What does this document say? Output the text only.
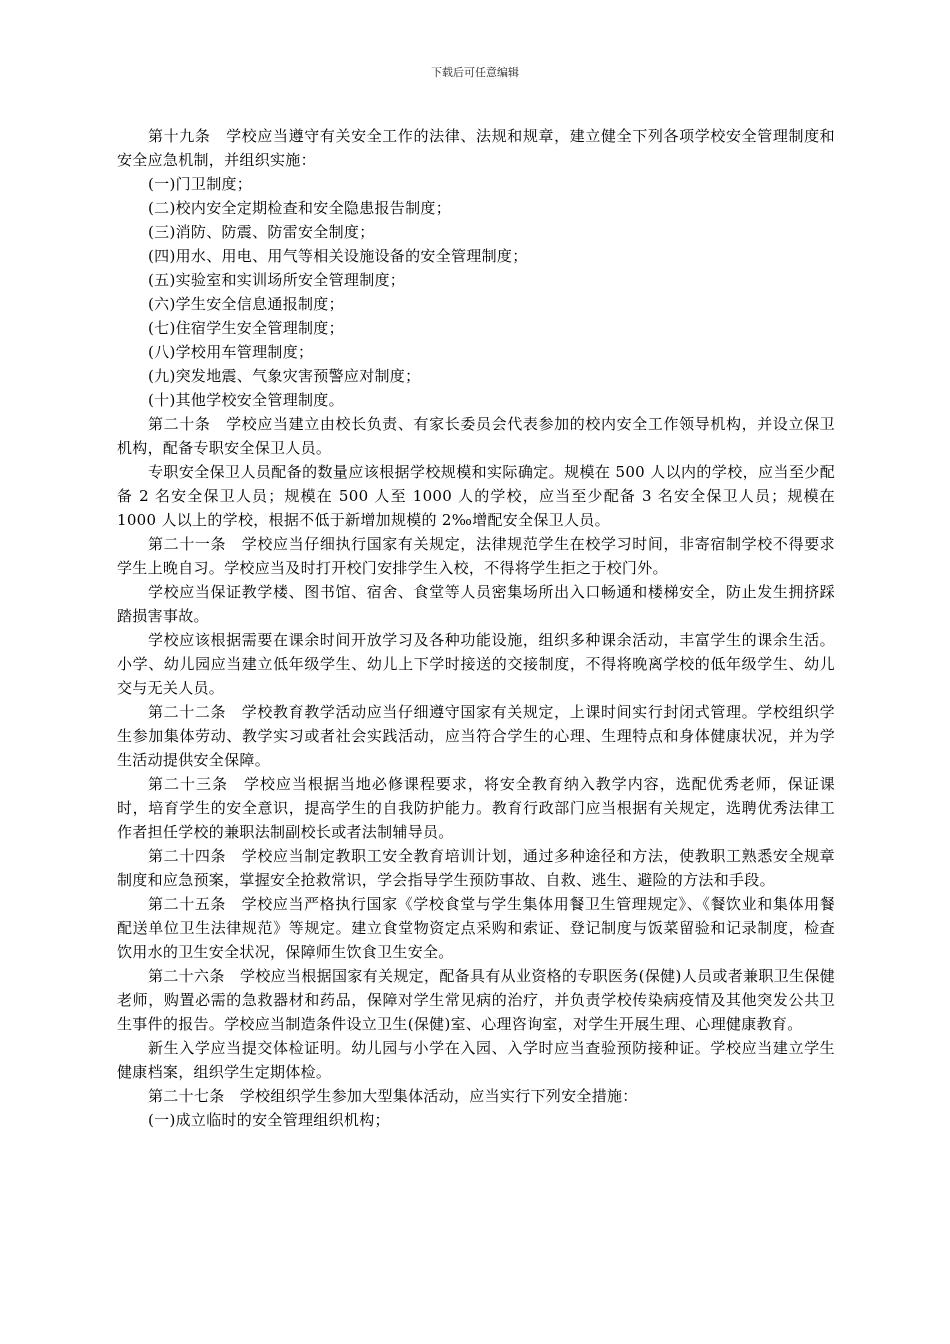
下载后可任意编辑

第十九条　学校应当遵守有关安全工作的法律、法规和规章，建立健全下列各项学校安全管理制度和安全应急机制，并组织实施：

(一)门卫制度；

(二)校内安全定期检查和安全隐患报告制度；

(三)消防、防震、防雷安全制度；

(四)用水、用电、用气等相关设施设备的安全管理制度；

(五)实验室和实训场所安全管理制度；

(六)学生安全信息通报制度；

(七)住宿学生安全管理制度；

(八)学校用车管理制度；

(九)突发地震、气象灾害预警应对制度；

(十)其他学校安全管理制度。

第二十条　学校应当建立由校长负责、有家长委员会代表参加的校内安全工作领导机构，并设立保卫机构，配备专职安全保卫人员。

专职安全保卫人员配备的数量应该根据学校规模和实际确定。规模在 500 人以内的学校，应当至少配备 2 名安全保卫人员；规模在 500 人至 1000 人的学校，应当至少配备 3 名安全保卫人员；规模在 1000 人以上的学校，根据不低于新增加规模的 2‰增配安全保卫人员。

第二十一条　学校应当仔细执行国家有关规定，法律规范学生在校学习时间，非寄宿制学校不得要求学生上晚自习。学校应当及时打开校门安排学生入校，不得将学生拒之于校门外。

学校应当保证教学楼、图书馆、宿舍、食堂等人员密集场所出入口畅通和楼梯安全，防止发生拥挤踩踏损害事故。

学校应该根据需要在课余时间开放学习及各种功能设施，组织多种课余活动，丰富学生的课余生活。小学、幼儿园应当建立低年级学生、幼儿上下学时接送的交接制度，不得将晚离学校的低年级学生、幼儿交与无关人员。

第二十二条　学校教育教学活动应当仔细遵守国家有关规定，上课时间实行封闭式管理。学校组织学生参加集体劳动、教学实习或者社会实践活动，应当符合学生的心理、生理特点和身体健康状况，并为学生活动提供安全保障。

第二十三条　学校应当根据当地必修课程要求，将安全教育纳入教学内容，选配优秀老师，保证课时，培育学生的安全意识，提高学生的自我防护能力。教育行政部门应当根据有关规定，选聘优秀法律工作者担任学校的兼职法制副校长或者法制辅导员。

第二十四条　学校应当制定教职工安全教育培训计划，通过多种途径和方法，使教职工熟悉安全规章制度和应急预案，掌握安全抢救常识，学会指导学生预防事故、自救、逃生、避险的方法和手段。

第二十五条　学校应当严格执行国家《学校食堂与学生集体用餐卫生管理规定》、《餐饮业和集体用餐配送单位卫生法律规范》等规定。建立食堂物资定点采购和索证、登记制度与饭菜留验和记录制度，检查饮用水的卫生安全状况，保障师生饮食卫生安全。

第二十六条　学校应当根据国家有关规定，配备具有从业资格的专职医务(保健)人员或者兼职卫生保健老师，购置必需的急救器材和药品，保障对学生常见病的治疗，并负责学校传染病疫情及其他突发公共卫生事件的报告。学校应当制造条件设立卫生(保健)室、心理咨询室，对学生开展生理、心理健康教育。

新生入学应当提交体检证明。幼儿园与小学在入园、入学时应当查验预防接种证。学校应当建立学生健康档案，组织学生定期体检。

第二十七条　学校组织学生参加大型集体活动，应当实行下列安全措施：

(一)成立临时的安全管理组织机构；
